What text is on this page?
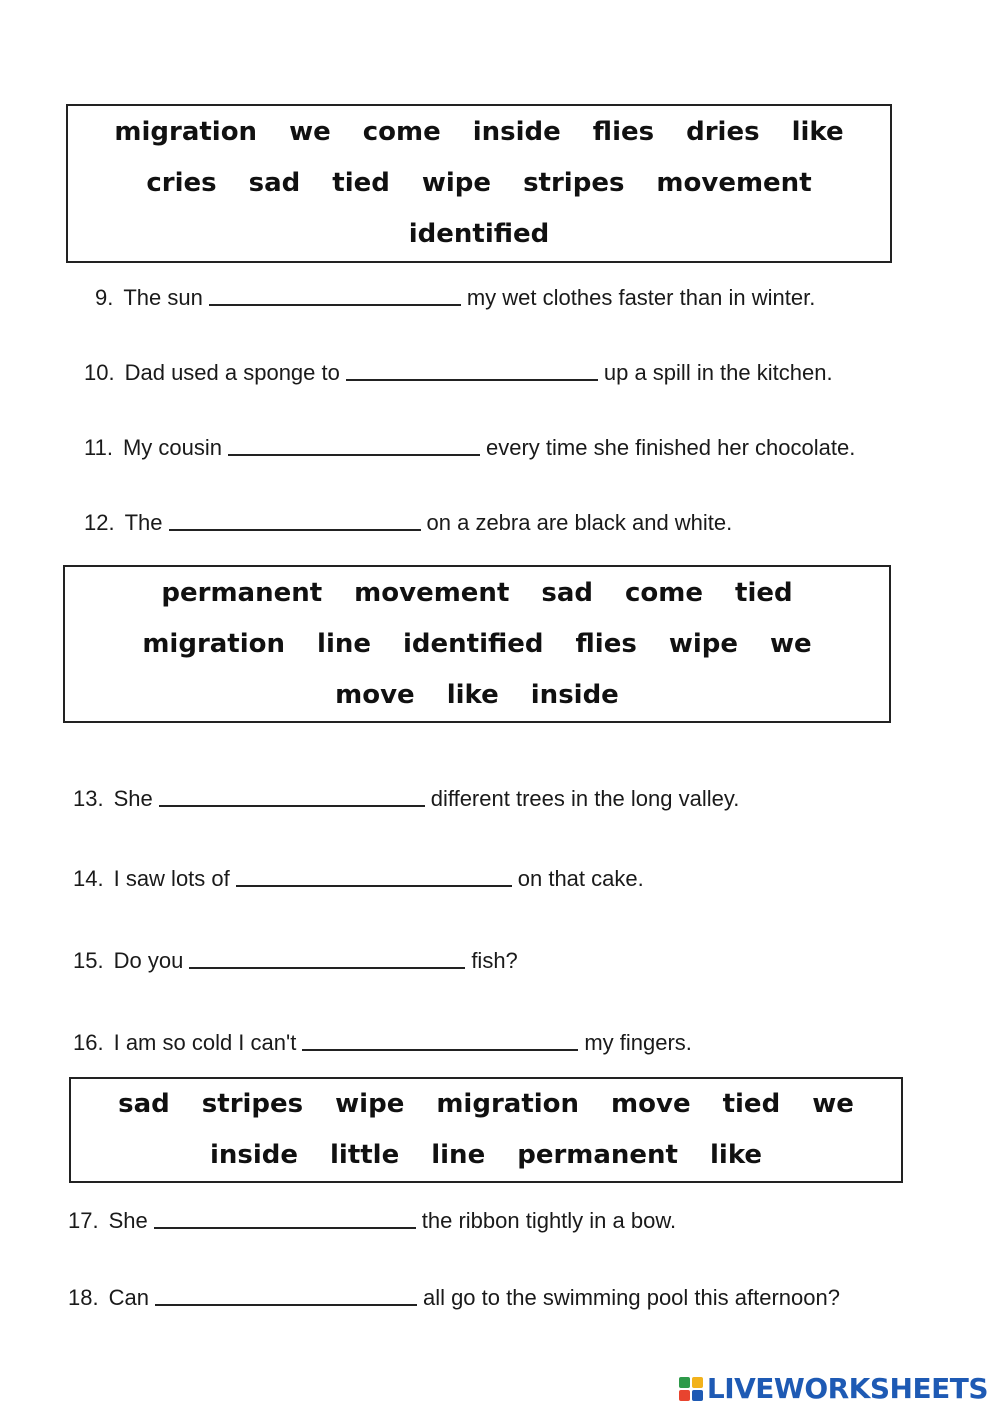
migration we come inside flies dries like
cries sad tied wipe stripes movement
identified
9. The sun	my wet clothes faster than in winter.
10. Dad used a sponge to	up a spill in the kitchen.
11. My cousin	every time she finished her chocolate.
12. The	on a zebra are black and white.
permanent movement sad come tied
migration line identified flies wipe we
move like inside
13. She	different trees in the long valley.
14. I saw lots of	on that cake.
15. Do you	fish?
16. I am so cold I can't	my fingers.
sad stripes wipe migration move tied we
inside little line permanent like
17. She	the ribbon tightly in a bow.
18. Can	all go to the swimming pool this afternoon?
LIVEWORKSHEETS
